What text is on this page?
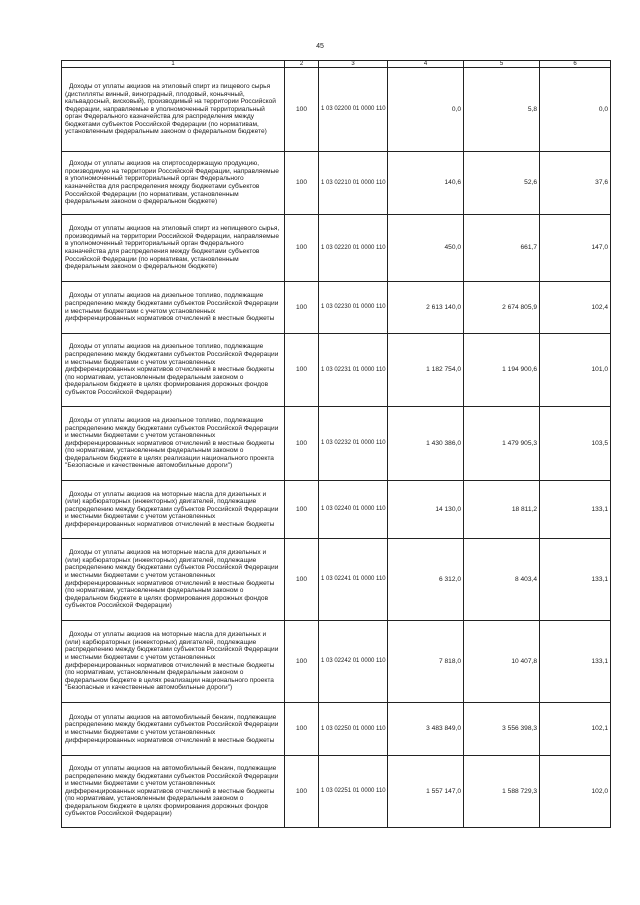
45
1	2	3	4	5	6
Доходы от уплаты акцизов на этиловый спирт из пищевого сырья (дистилляты винный, виноградный, плодовый, коньячный, кальвадосный, висковый), производимый на территории Российской Федерации, направляемые в уполномоченный территориальный орган Федерального казначейства для распределения между бюджетами субъектов Российской Федерации (по нормативам, установленным федеральным законом о федеральном бюджете)	100	1 03 02200 01 0000 110	0,0	5,8	0,0
Доходы от уплаты акцизов на спиртосодержащую продукцию, производимую на территории Российской Федерации, направляемые в уполномоченный территориальный орган Федерального казначейства для распределения между бюджетами субъектов Российской Федерации (по нормативам, установленным федеральным законом о федеральном бюджете)	100	1 03 02210 01 0000 110	140,6	52,6	37,6
Доходы от уплаты акцизов на этиловый спирт из непищевого сырья, производимый на территории Российской Федерации, направляемые в уполномоченный территориальный орган Федерального казначейства для распределения между бюджетами субъектов Российской Федерации (по нормативам, установленным федеральным законом о федеральном бюджете)	100	1 03 02220 01 0000 110	450,0	661,7	147,0
Доходы от уплаты акцизов на дизельное топливо, подлежащие распределению между бюджетами субъектов Российской Федерации и местными бюджетами с учетом установленных дифференцированных нормативов отчислений в местные бюджеты	100	1 03 02230 01 0000 110	2 613 140,0	2 674 805,9	102,4
Доходы от уплаты акцизов на дизельное топливо, подлежащие распределению между бюджетами субъектов Российской Федерации и местными бюджетами с учетом установленных дифференцированных нормативов отчислений в местные бюджеты (по нормативам, установленным федеральным законом о федеральном бюджете в целях формирования дорожных фондов субъектов Российской Федерации)	100	1 03 02231 01 0000 110	1 182 754,0	1 194 900,6	101,0
Доходы от уплаты акцизов на дизельное топливо, подлежащие распределению между бюджетами субъектов Российской Федерации и местными бюджетами с учетом установленных дифференцированных нормативов отчислений в местные бюджеты (по нормативам, установленным федеральным законом о федеральном бюджете в целях реализации национального проекта "Безопасные и качественные автомобильные дороги")	100	1 03 02232 01 0000 110	1 430 386,0	1 479 905,3	103,5
Доходы от уплаты акцизов на моторные масла для дизельных и (или) карбюраторных (инжекторных) двигателей, подлежащие распределению между бюджетами субъектов Российской Федерации и местными бюджетами с учетом установленных дифференцированных нормативов отчислений в местные бюджеты	100	1 03 02240 01 0000 110	14 130,0	18 811,2	133,1
Доходы от уплаты акцизов на моторные масла для дизельных и (или) карбюраторных (инжекторных) двигателей, подлежащие распределению между бюджетами субъектов Российской Федерации и местными бюджетами с учетом установленных дифференцированных нормативов отчислений в местные бюджеты (по нормативам, установленным федеральным законом о федеральном бюджете в целях формирования дорожных фондов субъектов Российской Федерации)	100	1 03 02241 01 0000 110	6 312,0	8 403,4	133,1
Доходы от уплаты акцизов на моторные масла для дизельных и (или) карбюраторных (инжекторных) двигателей, подлежащие распределению между бюджетами субъектов Российской Федерации и местными бюджетами с учетом установленных дифференцированных нормативов отчислений в местные бюджеты (по нормативам, установленным федеральным законом о федеральном бюджете в целях реализации национального проекта "Безопасные и качественные автомобильные дороги")	100	1 03 02242 01 0000 110	7 818,0	10 407,8	133,1
Доходы от уплаты акцизов на автомобильный бензин, подлежащие распределению между бюджетами субъектов Российской Федерации и местными бюджетами с учетом установленных дифференцированных нормативов отчислений в местные бюджеты	100	1 03 02250 01 0000 110	3 483 849,0	3 556 398,3	102,1
Доходы от уплаты акцизов на автомобильный бензин, подлежащие распределению между бюджетами субъектов Российской Федерации и местными бюджетами с учетом установленных дифференцированных нормативов отчислений в местные бюджеты (по нормативам, установленным федеральным законом о федеральном бюджете в целях формирования дорожных фондов субъектов Российской Федерации)	100	1 03 02251 01 0000 110	1 557 147,0	1 588 729,3	102,0
